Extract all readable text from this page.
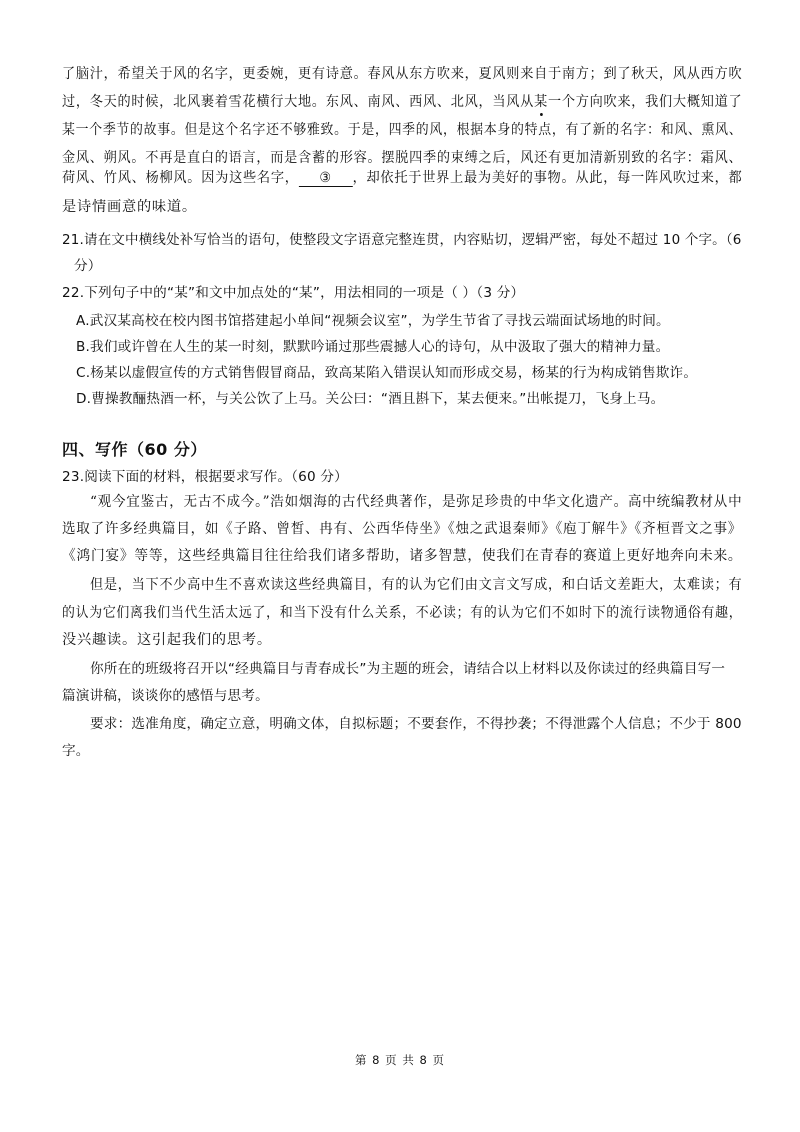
了脑汁，希望关于风的名字，更委婉，更有诗意。春风从东方吹来，夏风则来自于南方；到了秋天，风从西方吹
过，冬天的时候，北风裹着雪花横行大地。东风、南风、西风、北风，当风从某一个方向吹来，我们大概知道了
某一个季节的故事。但是这个名字还不够雅致。于是，四季的风，根据本身的特点，有了新的名字：和风、熏风、
金风、朔风。不再是直白的语言，而是含蓄的形容。摆脱四季的束缚之后，风还有更加清新别致的名字：霜风、
荷风、竹风、杨柳风。因为这些名字， ③ ，却依托于世界上最为美好的事物。从此，每一阵风吹过来，都
是诗情画意的味道。
21.请在文中横线处补写恰当的语句，使整段文字语意完整连贯，内容贴切，逻辑严密，每处不超过 10 个字。（6
分）
22.下列句子中的“某”和文中加点处的“某”，用法相同的一项是（ ）（3 分）
A.武汉某高校在校内图书馆搭建起小单间“视频会议室”，为学生节省了寻找云端面试场地的时间。
B.我们或许曾在人生的某一时刻，默默吟诵过那些震撼人心的诗句，从中汲取了强大的精神力量。
C.杨某以虚假宣传的方式销售假冒商品，致高某陷入错误认知而形成交易，杨某的行为构成销售欺诈。
D.曹操教酾热酒一杯，与关公饮了上马。关公曰：“酒且斟下，某去便来。”出帐提刀，飞身上马。
四、写作（60 分）
23.阅读下面的材料，根据要求写作。（60 分）
“观今宜鉴古，无古不成今。”浩如烟海的古代经典著作，是弥足珍贵的中华文化遗产。高中统编教材从中
选取了许多经典篇目，如《子路、曾皙、冉有、公西华侍坐》《烛之武退秦师》《庖丁解牛》《齐桓晋文之事》
《鸿门宴》等等，这些经典篇目往往给我们诸多帮助，诸多智慧，使我们在青春的赛道上更好地奔向未来。
但是，当下不少高中生不喜欢读这些经典篇目，有的认为它们由文言文写成，和白话文差距大，太难读；有
的认为它们离我们当代生活太远了，和当下没有什么关系，不必读；有的认为它们不如时下的流行读物通俗有趣，
没兴趣读。这引起我们的思考。
你所在的班级将召开以“经典篇目与青春成长”为主题的班会，请结合以上材料以及你读过的经典篇目写一
篇演讲稿，谈谈你的感悟与思考。
要求：选准角度，确定立意，明确文体，自拟标题；不要套作，不得抄袭；不得泄露个人信息；不少于 800
字。
第 8 页 共 8 页
